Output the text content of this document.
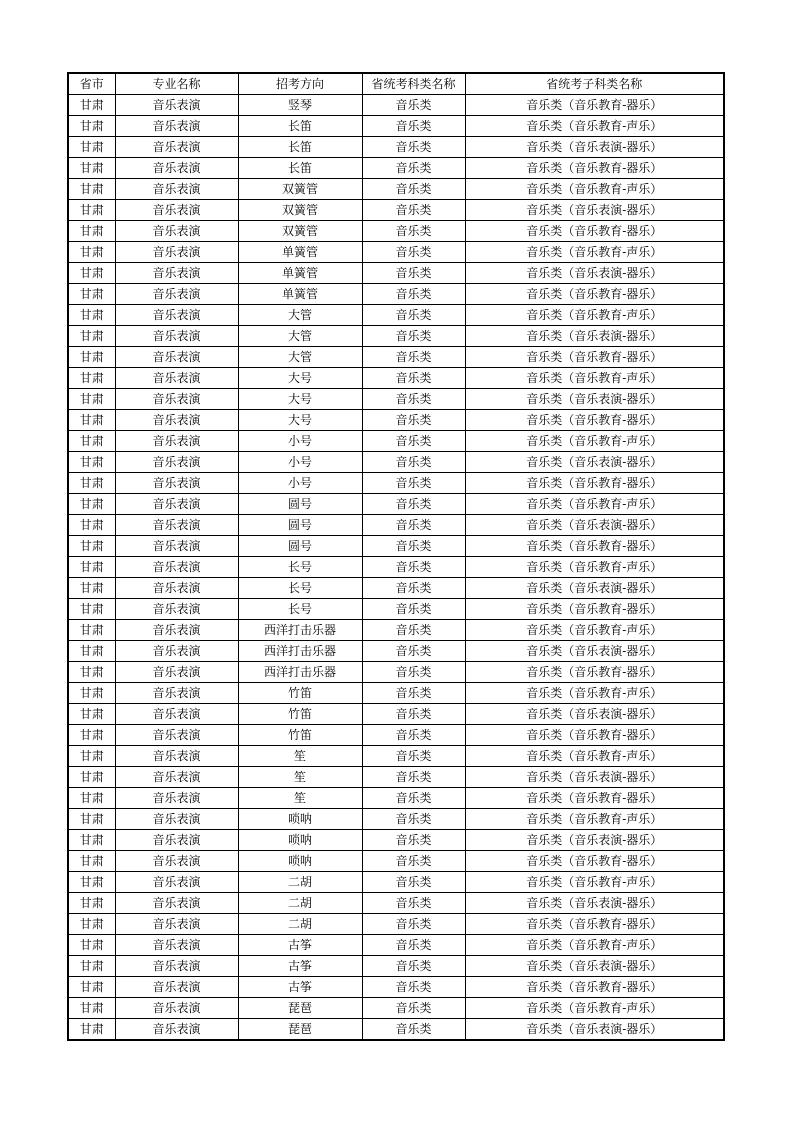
省市	专业名称	招考方向	省统考科类名称	省统考子科类名称
甘肃	音乐表演	竖琴	音乐类	音乐类（音乐教育-器乐）
甘肃	音乐表演	长笛	音乐类	音乐类（音乐教育-声乐）
甘肃	音乐表演	长笛	音乐类	音乐类（音乐表演-器乐）
甘肃	音乐表演	长笛	音乐类	音乐类（音乐教育-器乐）
甘肃	音乐表演	双簧管	音乐类	音乐类（音乐教育-声乐）
甘肃	音乐表演	双簧管	音乐类	音乐类（音乐表演-器乐）
甘肃	音乐表演	双簧管	音乐类	音乐类（音乐教育-器乐）
甘肃	音乐表演	单簧管	音乐类	音乐类（音乐教育-声乐）
甘肃	音乐表演	单簧管	音乐类	音乐类（音乐表演-器乐）
甘肃	音乐表演	单簧管	音乐类	音乐类（音乐教育-器乐）
甘肃	音乐表演	大管	音乐类	音乐类（音乐教育-声乐）
甘肃	音乐表演	大管	音乐类	音乐类（音乐表演-器乐）
甘肃	音乐表演	大管	音乐类	音乐类（音乐教育-器乐）
甘肃	音乐表演	大号	音乐类	音乐类（音乐教育-声乐）
甘肃	音乐表演	大号	音乐类	音乐类（音乐表演-器乐）
甘肃	音乐表演	大号	音乐类	音乐类（音乐教育-器乐）
甘肃	音乐表演	小号	音乐类	音乐类（音乐教育-声乐）
甘肃	音乐表演	小号	音乐类	音乐类（音乐表演-器乐）
甘肃	音乐表演	小号	音乐类	音乐类（音乐教育-器乐）
甘肃	音乐表演	圆号	音乐类	音乐类（音乐教育-声乐）
甘肃	音乐表演	圆号	音乐类	音乐类（音乐表演-器乐）
甘肃	音乐表演	圆号	音乐类	音乐类（音乐教育-器乐）
甘肃	音乐表演	长号	音乐类	音乐类（音乐教育-声乐）
甘肃	音乐表演	长号	音乐类	音乐类（音乐表演-器乐）
甘肃	音乐表演	长号	音乐类	音乐类（音乐教育-器乐）
甘肃	音乐表演	西洋打击乐器	音乐类	音乐类（音乐教育-声乐）
甘肃	音乐表演	西洋打击乐器	音乐类	音乐类（音乐表演-器乐）
甘肃	音乐表演	西洋打击乐器	音乐类	音乐类（音乐教育-器乐）
甘肃	音乐表演	竹笛	音乐类	音乐类（音乐教育-声乐）
甘肃	音乐表演	竹笛	音乐类	音乐类（音乐表演-器乐）
甘肃	音乐表演	竹笛	音乐类	音乐类（音乐教育-器乐）
甘肃	音乐表演	笙	音乐类	音乐类（音乐教育-声乐）
甘肃	音乐表演	笙	音乐类	音乐类（音乐表演-器乐）
甘肃	音乐表演	笙	音乐类	音乐类（音乐教育-器乐）
甘肃	音乐表演	唢呐	音乐类	音乐类（音乐教育-声乐）
甘肃	音乐表演	唢呐	音乐类	音乐类（音乐表演-器乐）
甘肃	音乐表演	唢呐	音乐类	音乐类（音乐教育-器乐）
甘肃	音乐表演	二胡	音乐类	音乐类（音乐教育-声乐）
甘肃	音乐表演	二胡	音乐类	音乐类（音乐表演-器乐）
甘肃	音乐表演	二胡	音乐类	音乐类（音乐教育-器乐）
甘肃	音乐表演	古筝	音乐类	音乐类（音乐教育-声乐）
甘肃	音乐表演	古筝	音乐类	音乐类（音乐表演-器乐）
甘肃	音乐表演	古筝	音乐类	音乐类（音乐教育-器乐）
甘肃	音乐表演	琵琶	音乐类	音乐类（音乐教育-声乐）
甘肃	音乐表演	琵琶	音乐类	音乐类（音乐表演-器乐）
